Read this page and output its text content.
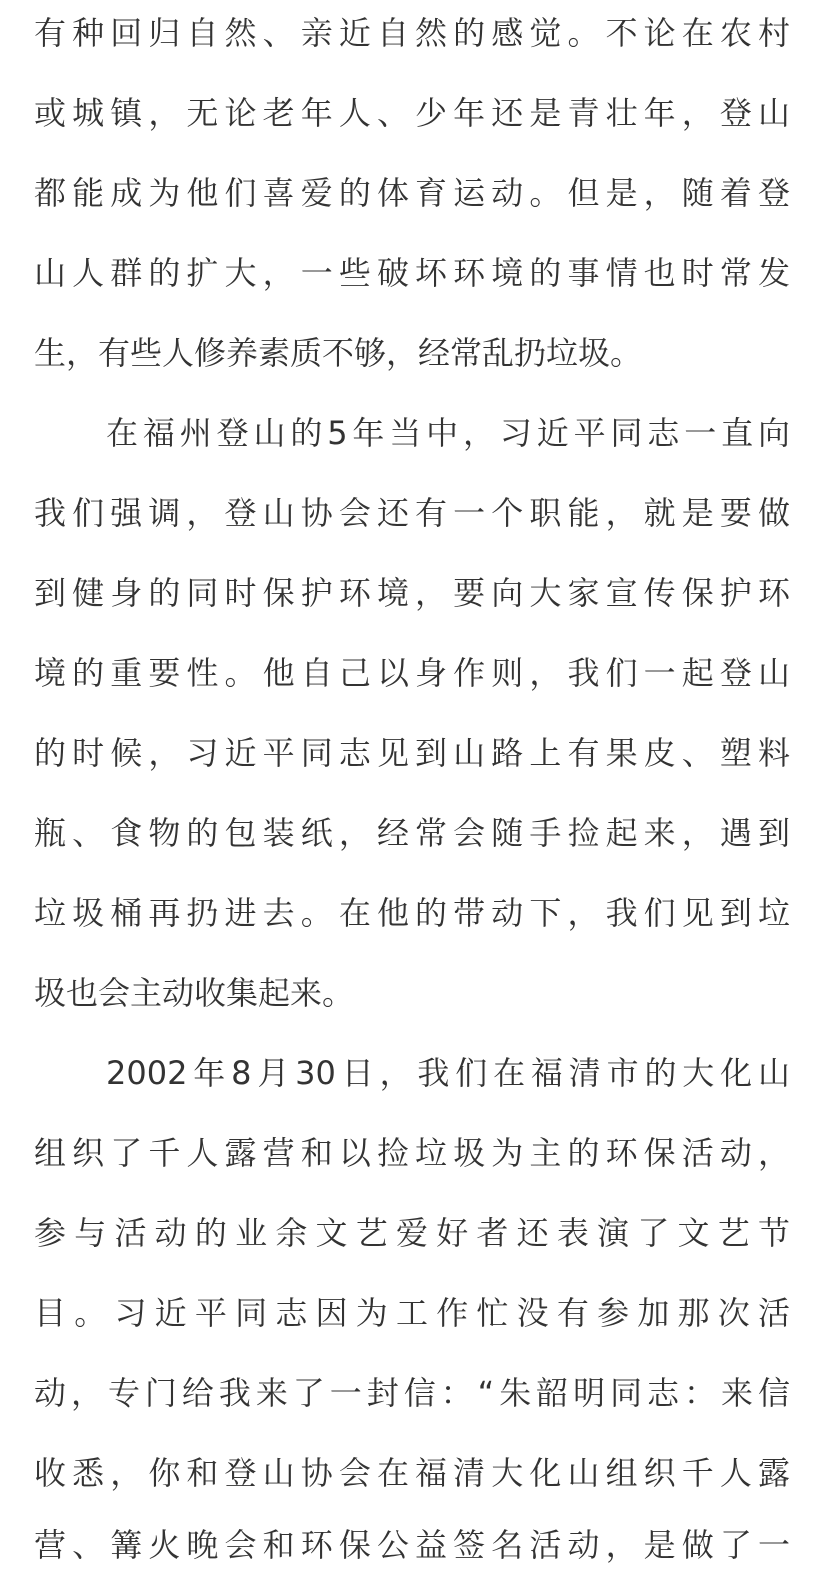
有种回归自然、亲近自然的感觉。不论在农村
或城镇，无论老年人、少年还是青壮年，登山
都能成为他们喜爱的体育运动。但是，随着登
山人群的扩大，一些破坏环境的事情也时常发
生，有些人修养素质不够，经常乱扔垃圾。
在福州登山的5年当中，习近平同志一直向
我们强调，登山协会还有一个职能，就是要做
到健身的同时保护环境，要向大家宣传保护环
境的重要性。他自己以身作则，我们一起登山
的时候，习近平同志见到山路上有果皮、塑料
瓶、食物的包装纸，经常会随手捡起来，遇到
垃圾桶再扔进去。在他的带动下，我们见到垃
圾也会主动收集起来。
2002年8月30日，我们在福清市的大化山
组织了千人露营和以捡垃圾为主的环保活动，
参与活动的业余文艺爱好者还表演了文艺节
目。习近平同志因为工作忙没有参加那次活
动，专门给我来了一封信：“朱韶明同志：来信
收悉，你和登山协会在福清大化山组织千人露
营、篝火晚会和环保公益签名活动，是做了一
